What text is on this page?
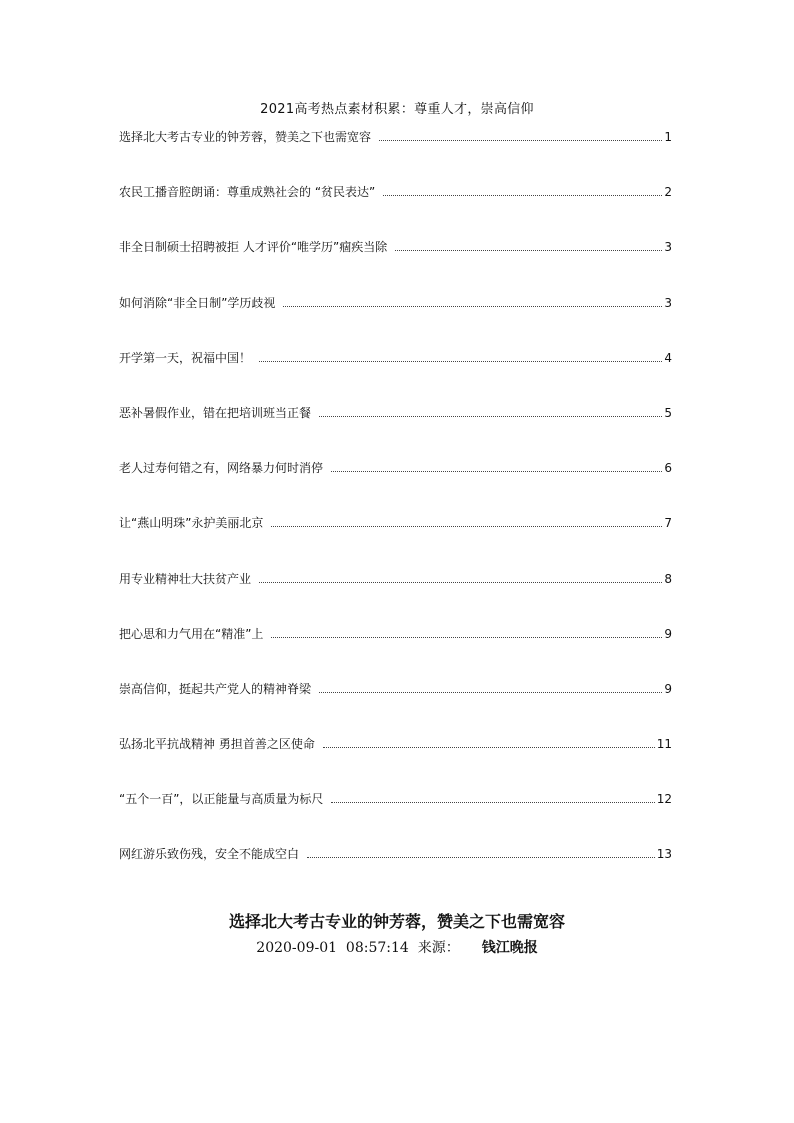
2021高考热点素材积累：尊重人才，崇高信仰
选择北大考古专业的钟芳蓉，赞美之下也需宽容	1
农民工播音腔朗诵：尊重成熟社会的 “贫民表达”	2
非全日制硕士招聘被拒 人才评价“唯学历”痼疾当除	3
如何消除“非全日制”学历歧视	3
开学第一天，祝福中国！	4
恶补暑假作业，错在把培训班当正餐	5
老人过寿何错之有，网络暴力何时消停	6
让“燕山明珠”永护美丽北京	7
用专业精神壮大扶贫产业	8
把心思和力气用在“精准”上	9
崇高信仰，挺起共产党人的精神脊梁	9
弘扬北平抗战精神 勇担首善之区使命	11
“五个一百”，以正能量与高质量为标尺	12
网红游乐致伤残，安全不能成空白	13
选择北大考古专业的钟芳蓉，赞美之下也需宽容
2020-09-01  08:57:14 来源： 钱江晚报
